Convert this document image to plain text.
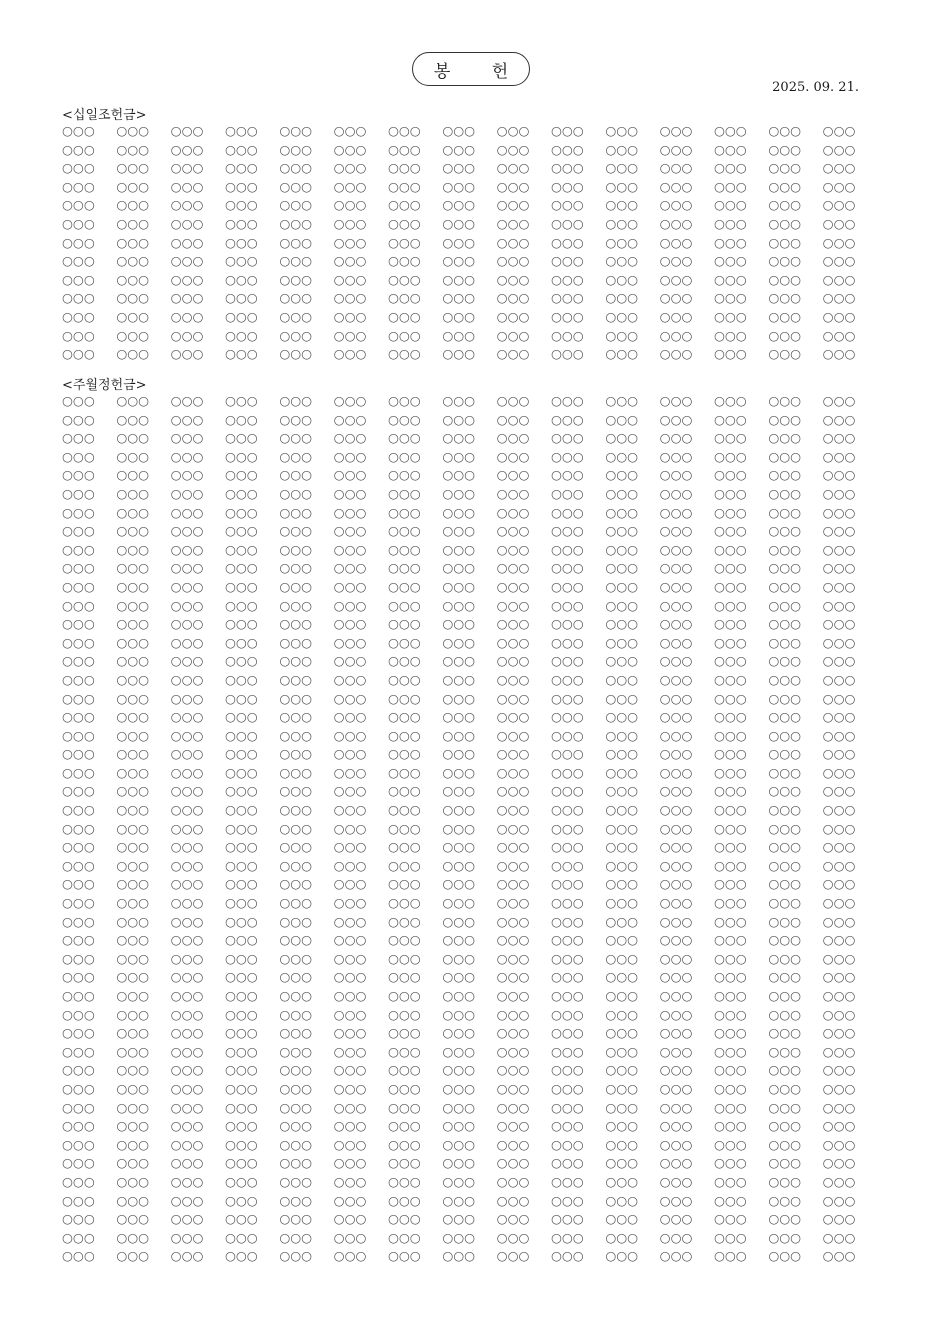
봉 헌
2025. 09. 21.
<십일조헌금>
○○○	○○○	○○○	○○○	○○○	○○○	○○○	○○○	○○○	○○○	○○○	○○○	○○○	○○○	○○○
○○○	○○○	○○○	○○○	○○○	○○○	○○○	○○○	○○○	○○○	○○○	○○○	○○○	○○○	○○○
○○○	○○○	○○○	○○○	○○○	○○○	○○○	○○○	○○○	○○○	○○○	○○○	○○○	○○○	○○○
○○○	○○○	○○○	○○○	○○○	○○○	○○○	○○○	○○○	○○○	○○○	○○○	○○○	○○○	○○○
○○○	○○○	○○○	○○○	○○○	○○○	○○○	○○○	○○○	○○○	○○○	○○○	○○○	○○○	○○○
○○○	○○○	○○○	○○○	○○○	○○○	○○○	○○○	○○○	○○○	○○○	○○○	○○○	○○○	○○○
○○○	○○○	○○○	○○○	○○○	○○○	○○○	○○○	○○○	○○○	○○○	○○○	○○○	○○○	○○○
○○○	○○○	○○○	○○○	○○○	○○○	○○○	○○○	○○○	○○○	○○○	○○○	○○○	○○○	○○○
○○○	○○○	○○○	○○○	○○○	○○○	○○○	○○○	○○○	○○○	○○○	○○○	○○○	○○○	○○○
○○○	○○○	○○○	○○○	○○○	○○○	○○○	○○○	○○○	○○○	○○○	○○○	○○○	○○○	○○○
○○○	○○○	○○○	○○○	○○○	○○○	○○○	○○○	○○○	○○○	○○○	○○○	○○○	○○○	○○○
○○○	○○○	○○○	○○○	○○○	○○○	○○○	○○○	○○○	○○○	○○○	○○○	○○○	○○○	○○○
○○○	○○○	○○○	○○○	○○○	○○○	○○○	○○○	○○○	○○○	○○○	○○○	○○○	○○○	○○○
<주월정헌금>
○○○	○○○	○○○	○○○	○○○	○○○	○○○	○○○	○○○	○○○	○○○	○○○	○○○	○○○	○○○
○○○	○○○	○○○	○○○	○○○	○○○	○○○	○○○	○○○	○○○	○○○	○○○	○○○	○○○	○○○
○○○	○○○	○○○	○○○	○○○	○○○	○○○	○○○	○○○	○○○	○○○	○○○	○○○	○○○	○○○
○○○	○○○	○○○	○○○	○○○	○○○	○○○	○○○	○○○	○○○	○○○	○○○	○○○	○○○	○○○
○○○	○○○	○○○	○○○	○○○	○○○	○○○	○○○	○○○	○○○	○○○	○○○	○○○	○○○	○○○
○○○	○○○	○○○	○○○	○○○	○○○	○○○	○○○	○○○	○○○	○○○	○○○	○○○	○○○	○○○
○○○	○○○	○○○	○○○	○○○	○○○	○○○	○○○	○○○	○○○	○○○	○○○	○○○	○○○	○○○
○○○	○○○	○○○	○○○	○○○	○○○	○○○	○○○	○○○	○○○	○○○	○○○	○○○	○○○	○○○
○○○	○○○	○○○	○○○	○○○	○○○	○○○	○○○	○○○	○○○	○○○	○○○	○○○	○○○	○○○
○○○	○○○	○○○	○○○	○○○	○○○	○○○	○○○	○○○	○○○	○○○	○○○	○○○	○○○	○○○
○○○	○○○	○○○	○○○	○○○	○○○	○○○	○○○	○○○	○○○	○○○	○○○	○○○	○○○	○○○
○○○	○○○	○○○	○○○	○○○	○○○	○○○	○○○	○○○	○○○	○○○	○○○	○○○	○○○	○○○
○○○	○○○	○○○	○○○	○○○	○○○	○○○	○○○	○○○	○○○	○○○	○○○	○○○	○○○	○○○
○○○	○○○	○○○	○○○	○○○	○○○	○○○	○○○	○○○	○○○	○○○	○○○	○○○	○○○	○○○
○○○	○○○	○○○	○○○	○○○	○○○	○○○	○○○	○○○	○○○	○○○	○○○	○○○	○○○	○○○
○○○	○○○	○○○	○○○	○○○	○○○	○○○	○○○	○○○	○○○	○○○	○○○	○○○	○○○	○○○
○○○	○○○	○○○	○○○	○○○	○○○	○○○	○○○	○○○	○○○	○○○	○○○	○○○	○○○	○○○
○○○	○○○	○○○	○○○	○○○	○○○	○○○	○○○	○○○	○○○	○○○	○○○	○○○	○○○	○○○
○○○	○○○	○○○	○○○	○○○	○○○	○○○	○○○	○○○	○○○	○○○	○○○	○○○	○○○	○○○
○○○	○○○	○○○	○○○	○○○	○○○	○○○	○○○	○○○	○○○	○○○	○○○	○○○	○○○	○○○
○○○	○○○	○○○	○○○	○○○	○○○	○○○	○○○	○○○	○○○	○○○	○○○	○○○	○○○	○○○
○○○	○○○	○○○	○○○	○○○	○○○	○○○	○○○	○○○	○○○	○○○	○○○	○○○	○○○	○○○
○○○	○○○	○○○	○○○	○○○	○○○	○○○	○○○	○○○	○○○	○○○	○○○	○○○	○○○	○○○
○○○	○○○	○○○	○○○	○○○	○○○	○○○	○○○	○○○	○○○	○○○	○○○	○○○	○○○	○○○
○○○	○○○	○○○	○○○	○○○	○○○	○○○	○○○	○○○	○○○	○○○	○○○	○○○	○○○	○○○
○○○	○○○	○○○	○○○	○○○	○○○	○○○	○○○	○○○	○○○	○○○	○○○	○○○	○○○	○○○
○○○	○○○	○○○	○○○	○○○	○○○	○○○	○○○	○○○	○○○	○○○	○○○	○○○	○○○	○○○
○○○	○○○	○○○	○○○	○○○	○○○	○○○	○○○	○○○	○○○	○○○	○○○	○○○	○○○	○○○
○○○	○○○	○○○	○○○	○○○	○○○	○○○	○○○	○○○	○○○	○○○	○○○	○○○	○○○	○○○
○○○	○○○	○○○	○○○	○○○	○○○	○○○	○○○	○○○	○○○	○○○	○○○	○○○	○○○	○○○
○○○	○○○	○○○	○○○	○○○	○○○	○○○	○○○	○○○	○○○	○○○	○○○	○○○	○○○	○○○
○○○	○○○	○○○	○○○	○○○	○○○	○○○	○○○	○○○	○○○	○○○	○○○	○○○	○○○	○○○
○○○	○○○	○○○	○○○	○○○	○○○	○○○	○○○	○○○	○○○	○○○	○○○	○○○	○○○	○○○
○○○	○○○	○○○	○○○	○○○	○○○	○○○	○○○	○○○	○○○	○○○	○○○	○○○	○○○	○○○
○○○	○○○	○○○	○○○	○○○	○○○	○○○	○○○	○○○	○○○	○○○	○○○	○○○	○○○	○○○
○○○	○○○	○○○	○○○	○○○	○○○	○○○	○○○	○○○	○○○	○○○	○○○	○○○	○○○	○○○
○○○	○○○	○○○	○○○	○○○	○○○	○○○	○○○	○○○	○○○	○○○	○○○	○○○	○○○	○○○
○○○	○○○	○○○	○○○	○○○	○○○	○○○	○○○	○○○	○○○	○○○	○○○	○○○	○○○	○○○
○○○	○○○	○○○	○○○	○○○	○○○	○○○	○○○	○○○	○○○	○○○	○○○	○○○	○○○	○○○
○○○	○○○	○○○	○○○	○○○	○○○	○○○	○○○	○○○	○○○	○○○	○○○	○○○	○○○	○○○
○○○	○○○	○○○	○○○	○○○	○○○	○○○	○○○	○○○	○○○	○○○	○○○	○○○	○○○	○○○
○○○	○○○	○○○	○○○	○○○	○○○	○○○	○○○	○○○	○○○	○○○	○○○	○○○	○○○	○○○
○○○	○○○	○○○	○○○	○○○	○○○	○○○	○○○	○○○	○○○	○○○	○○○	○○○	○○○	○○○
○○○	○○○	○○○	○○○	○○○	○○○	○○○	○○○	○○○	○○○	○○○	○○○	○○○	○○○	○○○
○○○	○○○	○○○	○○○	○○○	○○○	○○○	○○○	○○○	○○○	○○○	○○○	○○○	○○○	○○○
○○○	○○○	○○○	○○○	○○○	○○○	○○○	○○○	○○○	○○○	○○○	○○○	○○○	○○○	○○○
○○○	○○○	○○○	○○○	○○○	○○○	○○○	○○○	○○○	○○○	○○○	○○○	○○○	○○○	○○○
